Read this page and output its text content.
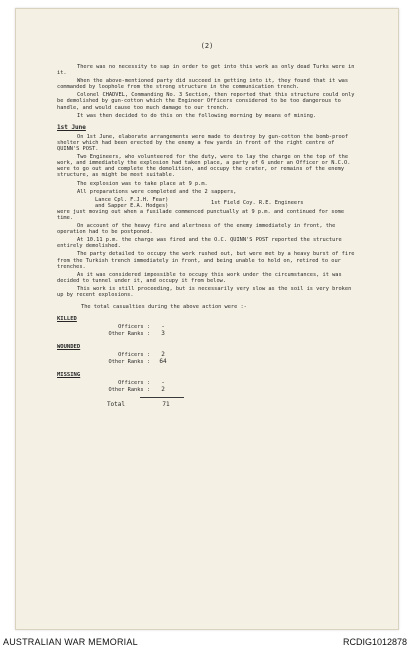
(2)

There was no necessity to sap in order to get into this work as only dead Turks were in it.

When the above-mentioned party did succeed in getting into it, they found that it was commanded by loophole from the strong structure in the communication trench.

Colonel CHADVEL, Commanding No. 3 Section, then reported that this structure could only be demolished by gun-cotton which the Engineer Officers considered to be too dangerous to handle, and would cause too much damage to our trench.

It was then decided to do this on the following morning by means of mining.

1st June

On 1st June, elaborate arrangements were made to destroy by gun-cotton the bomb-proof shelter which had been erected by the enemy a few yards in front of the right centre of QUINN'S POST.

Two Engineers, who volunteered for the duty, were to lay the charge on the top of the work, and immediately the explosion had taken place, a party of 6 under an Officer or N.C.O. were to go out and complete the demolition, and occupy the crater, or remains of the enemy structure, as might be most suitable.

The explosion was to take place at 9 p.m.

All preparations were completed and the 2 sappers,

Lance Cpl. F.J.H. Fear)
and Sapper E.A. Hodges)
1st Field Coy. R.E. Engineers

were just moving out when a fusilade commenced punctually at 9 p.m. and continued for some time.

On account of the heavy fire and alertness of the enemy immediately in front, the operation had to be postponed.

At 10.11 p.m. the charge was fired and the O.C. QUINN'S POST reported the structure entirely demolished.

The party detailed to occupy the work rushed out, but were met by a heavy burst of fire from the Turkish trench immediately in front, and being unable to hold on, retired to our trenches.

As it was considered impossible to occupy this work under the circumstances, it was decided to tunnel under it, and occupy it from below.

This work is still proceeding, but is necessarily very slow as the soil is very broken up by recent explosions.

The total casualties during the above action were :-

KILLED
Officers :	-
Other Ranks :	3
WOUNDED
Officers :	2
Other Ranks :	64
MISSING
Officers :	-
Other Ranks :	2
Total	71
AUSTRALIAN WAR MEMORIAL	RCDIG1012878
